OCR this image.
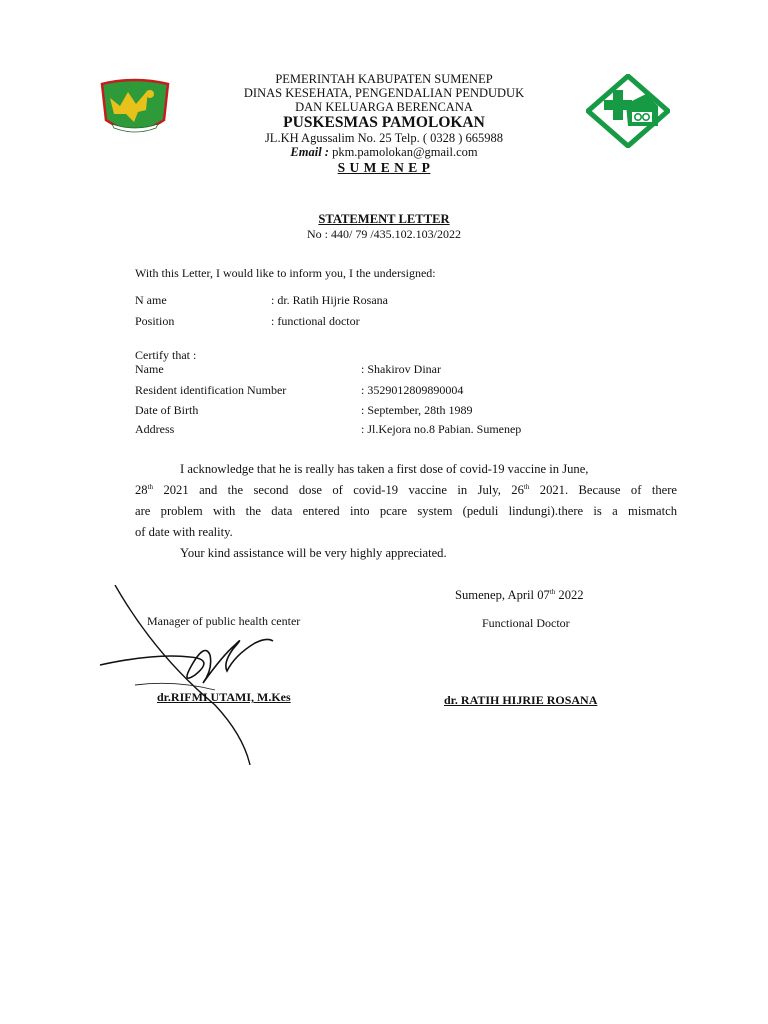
PEMERINTAH KABUPATEN SUMENEP
DINAS KESEHATA, PENGENDALIAN PENDUDUK
DAN KELUARGA BERENCANA
PUSKESMAS PAMOLOKAN
JL.KH Agussalim No. 25 Telp. ( 0328 ) 665988
Email : pkm.pamolokan@gmail.com
S U M E N E P
STATEMENT LETTER
No : 440/ 79 /435.102.103/2022
With this Letter, I would like to inform you, I the undersigned:
N ame	: dr. Ratih Hijrie Rosana
Position	: functional doctor
Certify that :
Name	: Shakirov Dinar
Resident identification Number	: 3529012809890004
Date of Birth	: September, 28th 1989
Address	: Jl.Kejora no.8 Pabian. Sumenep
I acknowledge that he is really has taken a first dose of covid-19 vaccine in June,
28th 2021 and the second dose of covid-19 vaccine in July, 26th 2021. Because of there
are problem with the data entered into pcare system (peduli lindungi).there is a mismatch
of date with reality.
Your kind assistance will be very highly appreciated.
Sumenep, April 07th 2022
Manager of public health center	Functional Doctor
dr.RIFMI UTAMI, M.Kes	dr. RATIH HIJRIE ROSANA
